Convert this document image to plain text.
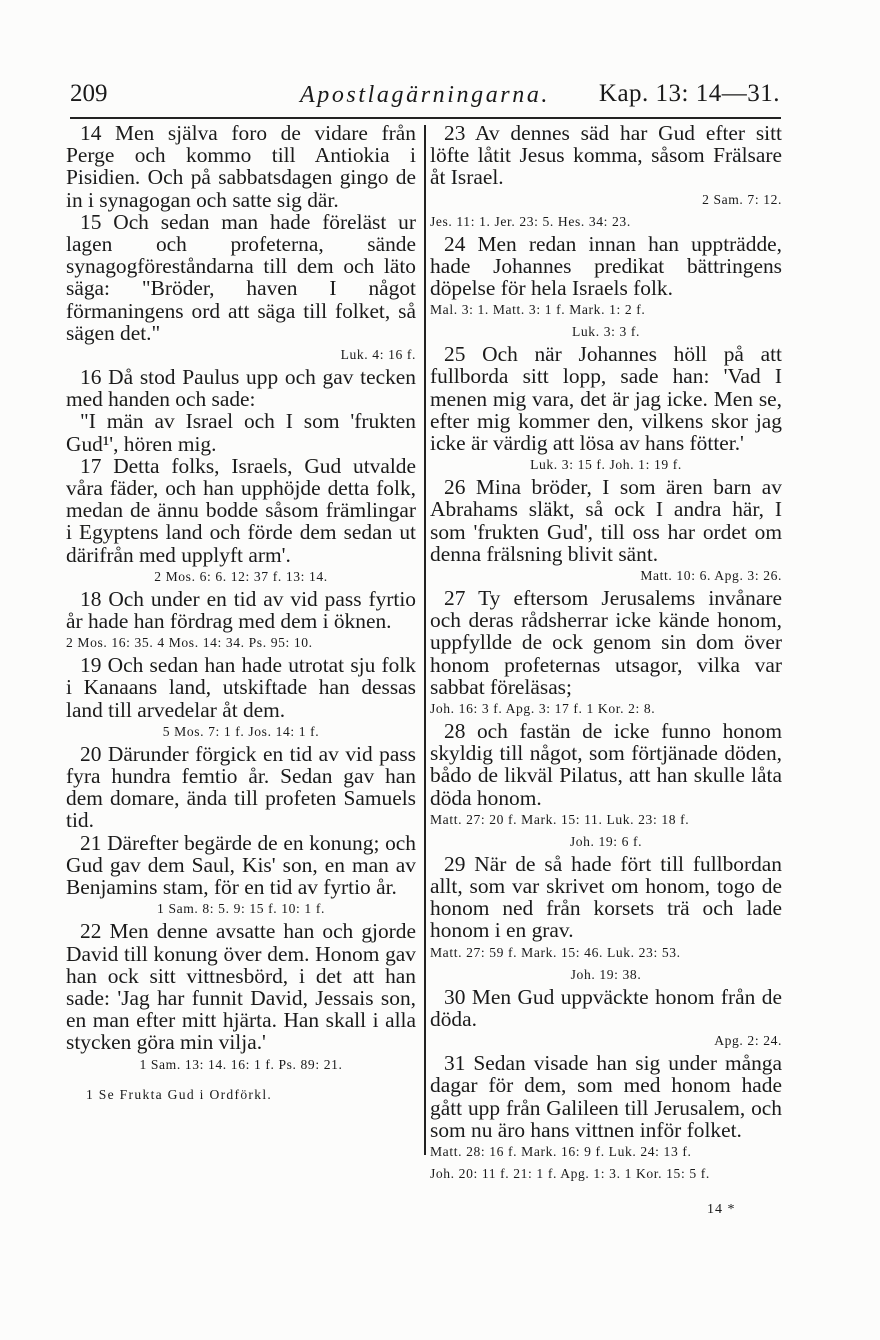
209	Apostlagärningarna.	Kap. 13: 14—31.

14 Men själva foro de vidare från Perge och kommo till Antiokia i Pisidien. Och på sabbatsdagen gingo de in i synagogan och satte sig där.

15 Och sedan man hade föreläst ur lagen och profeterna, sände synagogföreståndarna till dem och läto säga: "Bröder, haven I något förmaningens ord att säga till folket, så sägen det."

Luk. 4: 16 f.

16 Då stod Paulus upp och gav tecken med handen och sade:

"I män av Israel och I som 'frukten Gud¹', hören mig.

17 Detta folks, Israels, Gud utvalde våra fäder, och han upphöjde detta folk, medan de ännu bodde såsom främlingar i Egyptens land och förde dem sedan ut därifrån med upplyft arm'.

2 Mos. 6: 6. 12: 37 f. 13: 14.

18 Och under en tid av vid pass fyrtio år hade han fördrag med dem i öknen.

2 Mos. 16: 35. 4 Mos. 14: 34. Ps. 95: 10.

19 Och sedan han hade utrotat sju folk i Kanaans land, utskiftade han dessas land till arvedelar åt dem.

5 Mos. 7: 1 f. Jos. 14: 1 f.

20 Därunder förgick en tid av vid pass fyra hundra femtio år. Sedan gav han dem domare, ända till profeten Samuels tid.

21 Därefter begärde de en konung; och Gud gav dem Saul, Kis' son, en man av Benjamins stam, för en tid av fyrtio år.

1 Sam. 8: 5. 9: 15 f. 10: 1 f.

22 Men denne avsatte han och gjorde David till konung över dem. Honom gav han ock sitt vittnesbörd, i det att han sade: 'Jag har funnit David, Jessais son, en man efter mitt hjärta. Han skall i alla stycken göra min vilja.'

1 Sam. 13: 14. 16: 1 f. Ps. 89: 21.

1 Se Frukta Gud i Ordförkl.

23 Av dennes säd har Gud efter sitt löfte låtit Jesus komma, såsom Frälsare åt Israel.

2 Sam. 7: 12.

Jes. 11: 1. Jer. 23: 5. Hes. 34: 23.

24 Men redan innan han uppträdde, hade Johannes predikat bättringens döpelse för hela Israels folk.

Mal. 3: 1. Matt. 3: 1 f. Mark. 1: 2 f.

Luk. 3: 3 f.

25 Och när Johannes höll på att fullborda sitt lopp, sade han: 'Vad I menen mig vara, det är jag icke. Men se, efter mig kommer den, vilkens skor jag icke är värdig att lösa av hans fötter.'

Luk. 3: 15 f. Joh. 1: 19 f.

26 Mina bröder, I som ären barn av Abrahams släkt, så ock I andra här, I som 'frukten Gud', till oss har ordet om denna frälsning blivit sänt.

Matt. 10: 6. Apg. 3: 26.

27 Ty eftersom Jerusalems invånare och deras rådsherrar icke kände honom, uppfyllde de ock genom sin dom över honom profeternas utsagor, vilka var sabbat föreläsas;

Joh. 16: 3 f. Apg. 3: 17 f. 1 Kor. 2: 8.

28 och fastän de icke funno honom skyldig till något, som förtjänade döden, bådo de likväl Pilatus, att han skulle låta döda honom.

Matt. 27: 20 f. Mark. 15: 11. Luk. 23: 18 f.

Joh. 19: 6 f.

29 När de så hade fört till fullbordan allt, som var skrivet om honom, togo de honom ned från korsets trä och lade honom i en grav.

Matt. 27: 59 f. Mark. 15: 46. Luk. 23: 53.

Joh. 19: 38.

30 Men Gud uppväckte honom från de döda.

Apg. 2: 24.

31 Sedan visade han sig under många dagar för dem, som med honom hade gått upp från Galileen till Jerusalem, och som nu äro hans vittnen inför folket.

Matt. 28: 16 f. Mark. 16: 9 f. Luk. 24: 13 f.

Joh. 20: 11 f. 21: 1 f. Apg. 1: 3. 1 Kor. 15: 5 f.

14 *
